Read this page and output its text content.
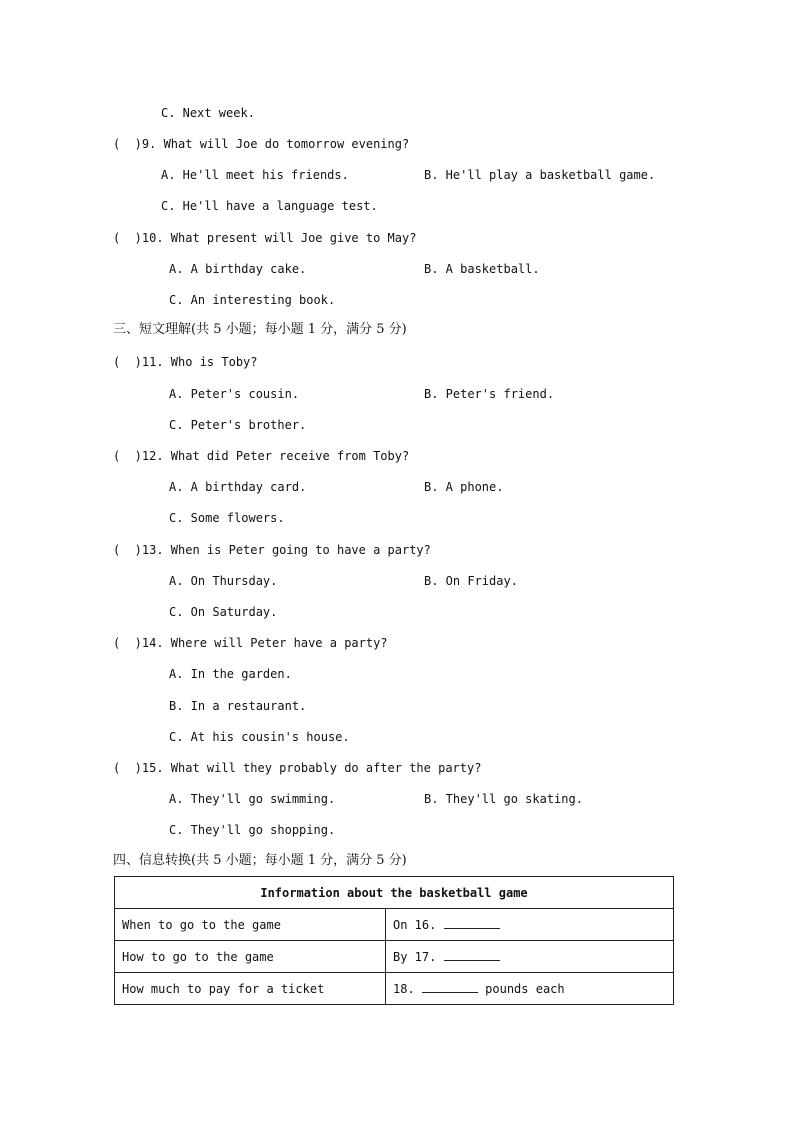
C. Next week.
(  )9. What will Joe do tomorrow evening?
A. He'll meet his friends.	B. He'll play a basketball game.
C. He'll have a language test.
(  )10. What present will Joe give to May?
A. A birthday cake.	B. A basketball.
C. An interesting book.
三、短文理解(共 5 小题；每小题 1 分，满分 5 分)
(  )11. Who is Toby?
A. Peter's cousin.	B. Peter's friend.
C. Peter's brother.
(  )12. What did Peter receive from Toby?
A. A birthday card.	B. A phone.
C. Some flowers.
(  )13. When is Peter going to have a party?
A. On Thursday.	B. On Friday.
C. On Saturday.
(  )14. Where will Peter have a party?
A. In the garden.
B. In a restaurant.
C. At his cousin's house.
(  )15. What will they probably do after the party?
A. They'll go swimming.	B. They'll go skating.
C. They'll go shopping.
四、信息转换(共 5 小题；每小题 1 分，满分 5 分)
Information about the basketball game	
When to go to the game	On 16.
How to go to the game	By 17.
How much to pay for a ticket	18. pounds each
